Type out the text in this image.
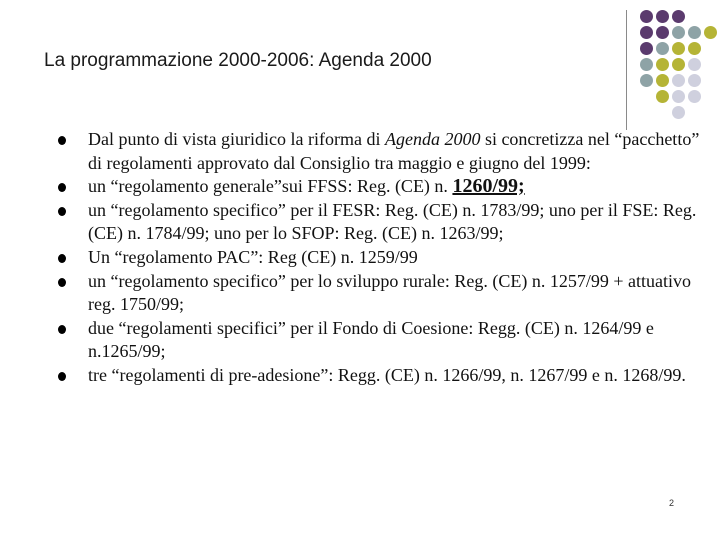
La programmazione 2000-2006: Agenda 2000
Dal punto di vista giuridico la riforma di Agenda 2000 si concretizza nel “pacchetto” di regolamenti approvato dal Consiglio tra maggio e giugno del 1999:
un “regolamento generale”sui FFSS: Reg. (CE) n. 1260/99;
un “regolamento specifico” per il FESR: Reg. (CE) n. 1783/99; uno per il FSE: Reg. (CE) n. 1784/99; uno per lo SFOP: Reg. (CE) n. 1263/99;
Un “regolamento PAC”: Reg (CE) n. 1259/99
un “regolamento specifico” per lo sviluppo rurale: Reg. (CE) n. 1257/99 + attuativo reg. 1750/99;
due “regolamenti specifici” per il Fondo di Coesione: Regg. (CE) n. 1264/99 e n.1265/99;
tre “regolamenti di pre-adesione”: Regg. (CE) n. 1266/99, n. 1267/99 e n. 1268/99.
2
